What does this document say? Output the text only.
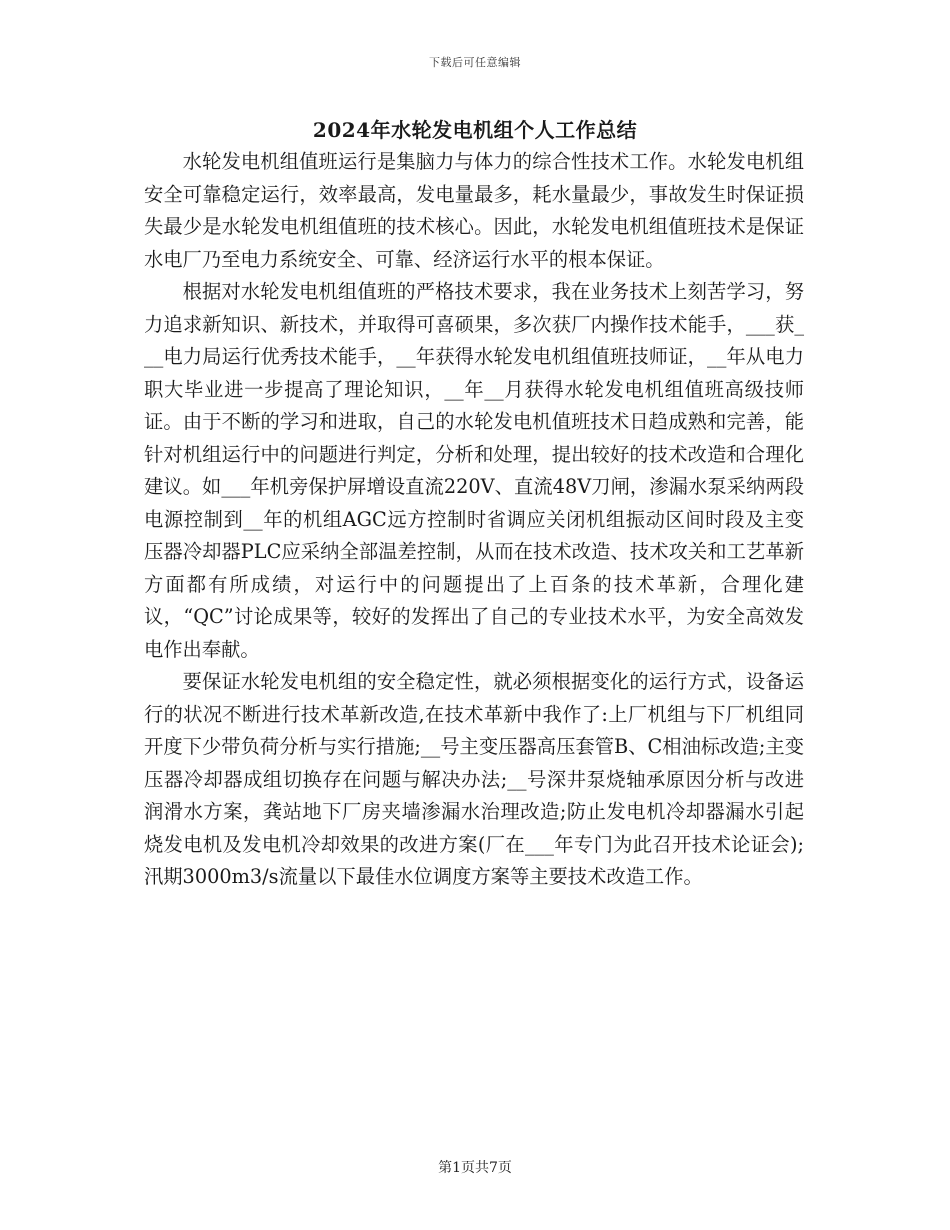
下载后可任意编辑
2024年水轮发电机组个人工作总结

水轮发电机组值班运行是集脑力与体力的综合性技术工作。水轮发电机组安全可靠稳定运行，效率最高，发电量最多，耗水量最少，事故发生时保证损失最少是水轮发电机组值班的技术核心。因此，水轮发电机组值班技术是保证水电厂乃至电力系统安全、可靠、经济运行水平的根本保证。

根据对水轮发电机组值班的严格技术要求，我在业务技术上刻苦学习，努力追求新知识、新技术，并取得可喜硕果，多次获厂内操作技术能手，___获___电力局运行优秀技术能手，__年获得水轮发电机组值班技师证，__年从电力职大毕业进一步提高了理论知识，__年__月获得水轮发电机组值班高级技师证。由于不断的学习和进取，自己的水轮发电机值班技术日趋成熟和完善，能针对机组运行中的问题进行判定，分析和处理，提出较好的技术改造和合理化建议。如___年机旁保护屏增设直流220V、直流48V刀闸，渗漏水泵采纳两段电源控制到__年的机组AGC远方控制时省调应关闭机组振动区间时段及主变压器冷却器PLC应采纳全部温差控制，从而在技术改造、技术攻关和工艺革新方面都有所成绩，对运行中的问题提出了上百条的技术革新，合理化建议，“QC”讨论成果等，较好的发挥出了自己的专业技术水平，为安全高效发电作出奉献。

要保证水轮发电机组的安全稳定性，就必须根据变化的运行方式，设备运行的状况不断进行技术革新改造,在技术革新中我作了:上厂机组与下厂机组同开度下少带负荷分析与实行措施;__号主变压器高压套管B、C相油标改造;主变压器冷却器成组切换存在问题与解决办法;__号深井泵烧轴承原因分析与改进润滑水方案，龚站地下厂房夹墙渗漏水治理改造;防止发电机冷却器漏水引起烧发电机及发电机冷却效果的改进方案(厂在___年专门为此召开技术论证会);汛期3000m3/s流量以下最佳水位调度方案等主要技术改造工作。

第1页共7页
